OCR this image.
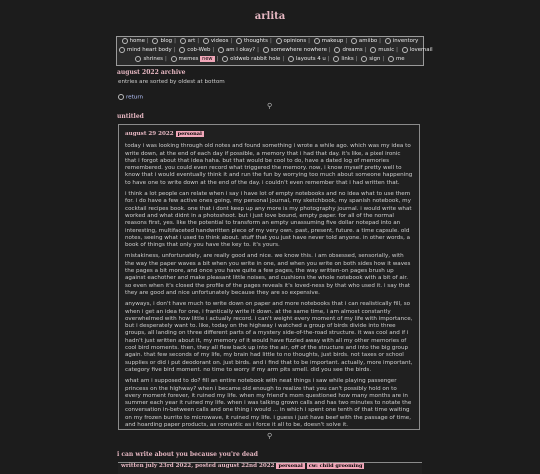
arlita
home | blog | art | videos | thoughts | opinions | makeup | amiibo | inventory
mind heart body | cob-Web | am i okay? | somewhere nowhere | dreams | music | lovemail
shrines | memes new | oldweb rabbit hole | layouts 4 u | links | sign | me
august 2022 archive
entries are sorted by oldest at bottom
return
⚲
untitled
august 29 2022 personal

today i was looking through old notes and found something i wrote a while ago. which was my idea to write down, at the end of each day if possible, a memory that i had that day. it's like, a pixel ironic that i forgot about that idea haha. but that would be cool to do, have a dated log of memories remembered. you could even record what triggered the memory. now, i know myself pretty well to know that i would eventually think it and run the fun by worrying too much about someone happening to have one to write down at the end of the day. i couldn't even remember that i had written that.

i think a lot people can relate when i say i have lot of empty notebooks and no idea what to use them for. i do have a few active ones going, my personal journal, my sketchbook, my spanish notebook, my cocktail recipes book. one that i dont keep up any more is my photography journal. i would write what worked and what didnt in a photoshoot. but i just love bound, empty paper. for all of the normal reasons first, yes. like the potential to transform an empty unassuming five dollar notepad into an interesting, multifaceted handwritten piece of my very own. past, present, future. a time capsule. old notes, seeing what i used to think about. stuff that you just have never told anyone. in other words, a book of things that only you have the key to. it's yours.

mistakiness, unfortunately, are really good and nice. we know this. i am obsessed, sensorially, with the way the paper waves a bit when you write in one, and when you write on both sides how it waves the pages a bit more, and once you have quite a few pages, the way written-on pages brush up against eachother and make pleasant little noises, and cushions the whole notebook with a bit of air. so even when it's closed the profile of the pages reveals it's loved-ness by that who used it. i say that they are good and nice unfortunately because they are so expensive.

anyways, i don't have much to write down on paper and more notebooks that i can realistically fill, so when i get an idea for one, i frantically write it down. at the same time, i am almost constantly overwhelmed with how little i actually record. i can't weight every moment of my life with importance, but i desperately want to. like, today on the highway i watched a group of birds divide into three groups, all landing on three different parts of a mystery side-of-the-road structure. it was cool and if i hadn't just written about it, my memory of it would have fizzled away with all my other memories of cool bird moments. then, they all flew back up into the air, off of the structure and into the big group again. that few seconds of my life, my brain had little to no thoughts, just birds. not taxes or school supplies or did i put deodorant on. just birds. and i find that to be important. actually, more important, category five bird moment. no time to worry if my arm pits smell. did you see the birds.

what am i supposed to do? fill an entire notebook with neat things i saw while playing passenger princess on the highway? when i became old enough to realize that you can't possibly hold on to every moment forever, it ruined my life. when my friend's mom questioned how many months are in summer each year it ruined my life. when i was talking grown calls and has two minutes to notate the conversation in-between calls and one thing i would ... in which i spent one tenth of that time waiting on my frozen burrito to microwave, it ruined my life. i guess i just have beef with the passage of time, and hoarding paper products, as romantic as i force it all to be, doesn't solve it.

⚲
i can write about you because you're dead
written july 23rd 2022, posted august 22nd 2022 personal cw: child grooming
